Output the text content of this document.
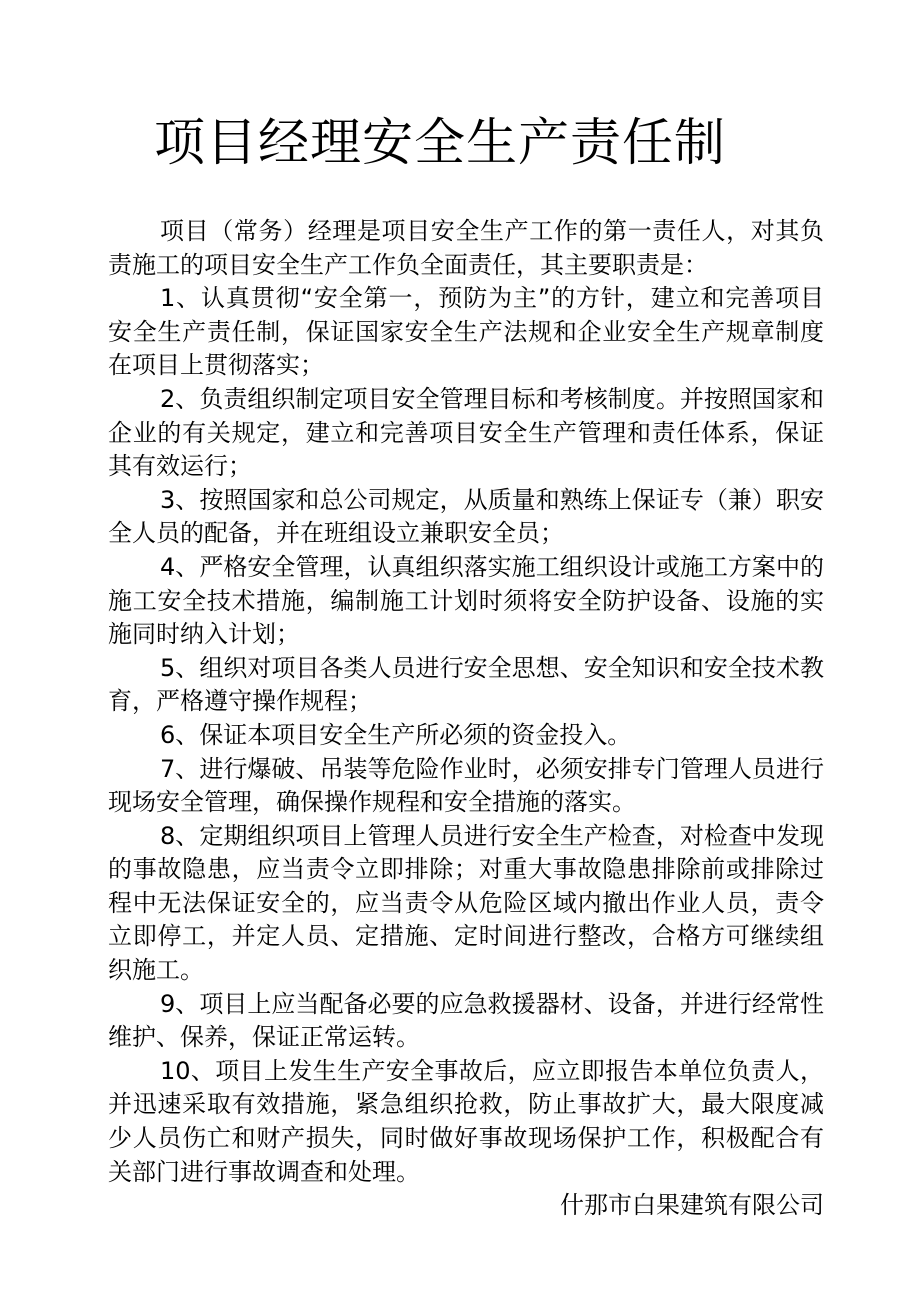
项目经理安全生产责任制

项目（常务）经理是项目安全生产工作的第一责任人，对其负责施工的项目安全生产工作负全面责任，其主要职责是：

1、认真贯彻“安全第一，预防为主”的方针，建立和完善项目安全生产责任制，保证国家安全生产法规和企业安全生产规章制度在项目上贯彻落实；

2、负责组织制定项目安全管理目标和考核制度。并按照国家和企业的有关规定，建立和完善项目安全生产管理和责任体系，保证其有效运行；

3、按照国家和总公司规定，从质量和熟练上保证专（兼）职安全人员的配备，并在班组设立兼职安全员；

4、严格安全管理，认真组织落实施工组织设计或施工方案中的施工安全技术措施，编制施工计划时须将安全防护设备、设施的实施同时纳入计划；

5、组织对项目各类人员进行安全思想、安全知识和安全技术教育，严格遵守操作规程；

6、保证本项目安全生产所必须的资金投入。

7、进行爆破、吊装等危险作业时，必须安排专门管理人员进行现场安全管理，确保操作规程和安全措施的落实。

8、定期组织项目上管理人员进行安全生产检查，对检查中发现的事故隐患，应当责令立即排除；对重大事故隐患排除前或排除过程中无法保证安全的，应当责令从危险区域内撤出作业人员，责令立即停工，并定人员、定措施、定时间进行整改，合格方可继续组织施工。

9、项目上应当配备必要的应急救援器材、设备，并进行经常性维护、保养，保证正常运转。

10、项目上发生生产安全事故后，应立即报告本单位负责人，并迅速采取有效措施，紧急组织抢救，防止事故扩大，最大限度减少人员伤亡和财产损失，同时做好事故现场保护工作，积极配合有关部门进行事故调查和处理。

什那市白果建筑有限公司
